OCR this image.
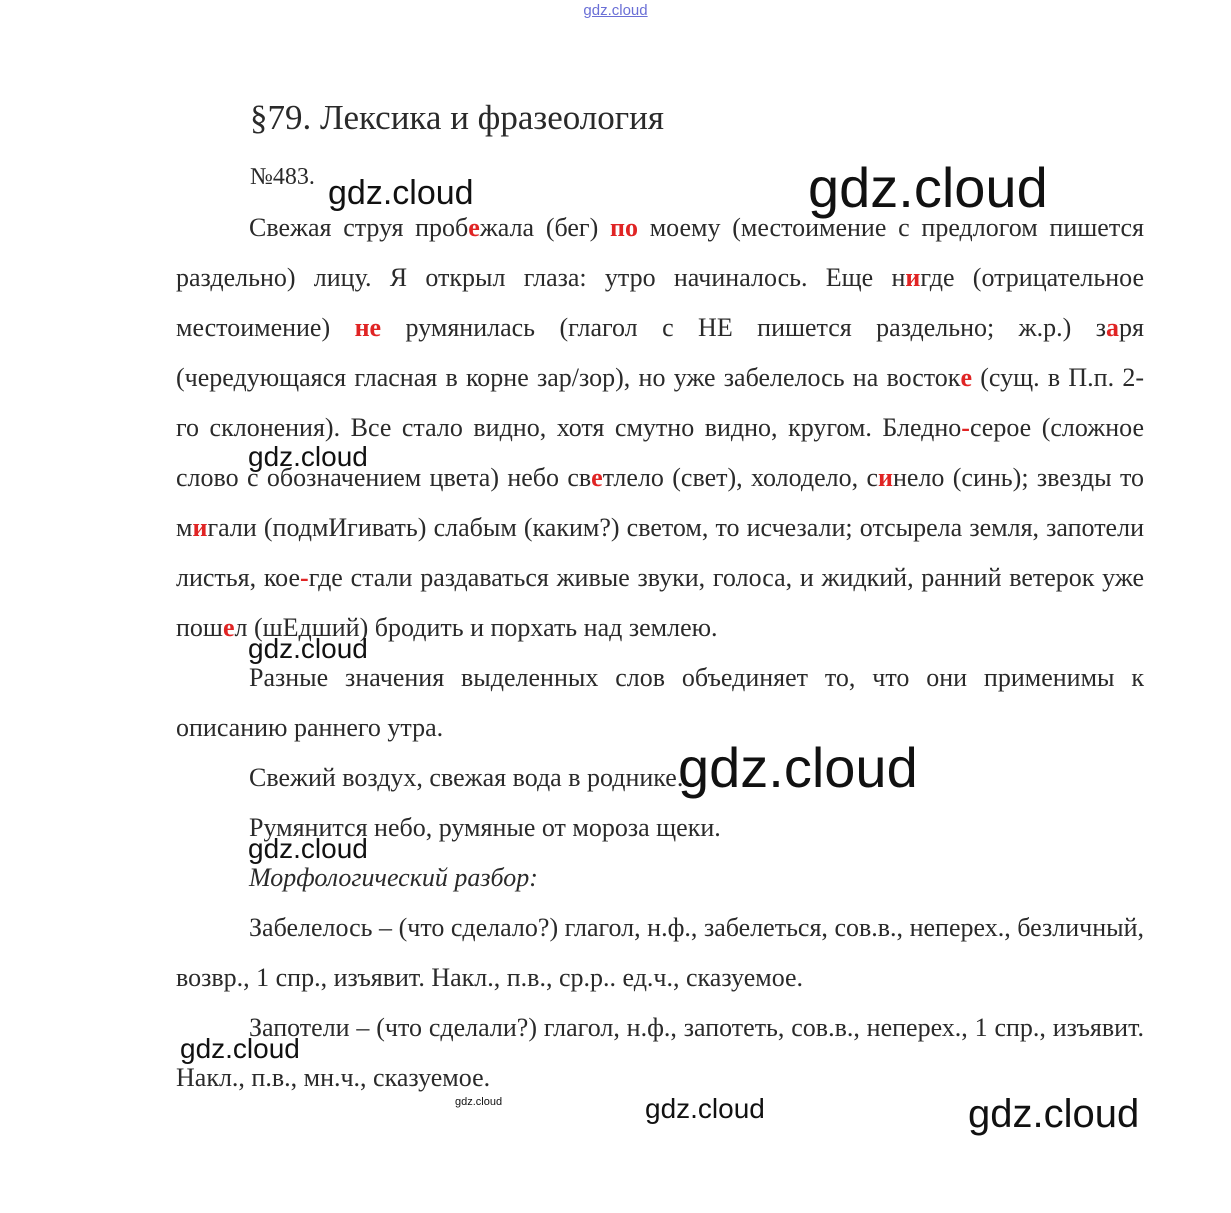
gdz.cloud
§79. Лексика и фразеология
№483.

Свежая струя пробежала (бег) по моему (местоимение с предлогом пишется раздельно) лицу. Я открыл глаза: утро начиналось. Еще нигде (отрицательное местоимение) не румянилась (глагол с НЕ пишется раздельно; ж.р.) заря (чередующаяся гласная в корне зар/зор), но уже забелелось на востоке (сущ. в П.п. 2-го склонения). Все стало видно, хотя смутно видно, кругом. Бледно-серое (сложное слово с обозначением цвета) небо светлело (свет), холодело, синело (синь); звезды то мигали (подмИгивать) слабым (каким?) светом, то исчезали; отсырела земля, запотели листья, кое-где стали раздаваться живые звуки, голоса, и жидкий, ранний ветерок уже пошел (шЕдший) бродить и порхать над землею.

Разные значения выделенных слов объединяет то, что они применимы к описанию раннего утра.

Свежий воздух, свежая вода в роднике.

Румянится небо, румяные от мороза щеки.

Морфологический разбор:

Забелелось – (что сделало?) глагол, н.ф., забелеться, сов.в., неперех., безличный, возвр., 1 спр., изъявит. Накл., п.в., ср.р.. ед.ч., сказуемое.

Запотели – (что сделали?) глагол, н.ф., запотеть, сов.в., неперех., 1 спр., изъявит. Накл., п.в., мн.ч., сказуемое.

gdz.cloud	gdz.cloud
gdz.cloud
gdz.cloud
gdz.cloud
gdz.cloud
gdz.cloud
gdz.cloud	gdz.cloud	gdz.cloud
